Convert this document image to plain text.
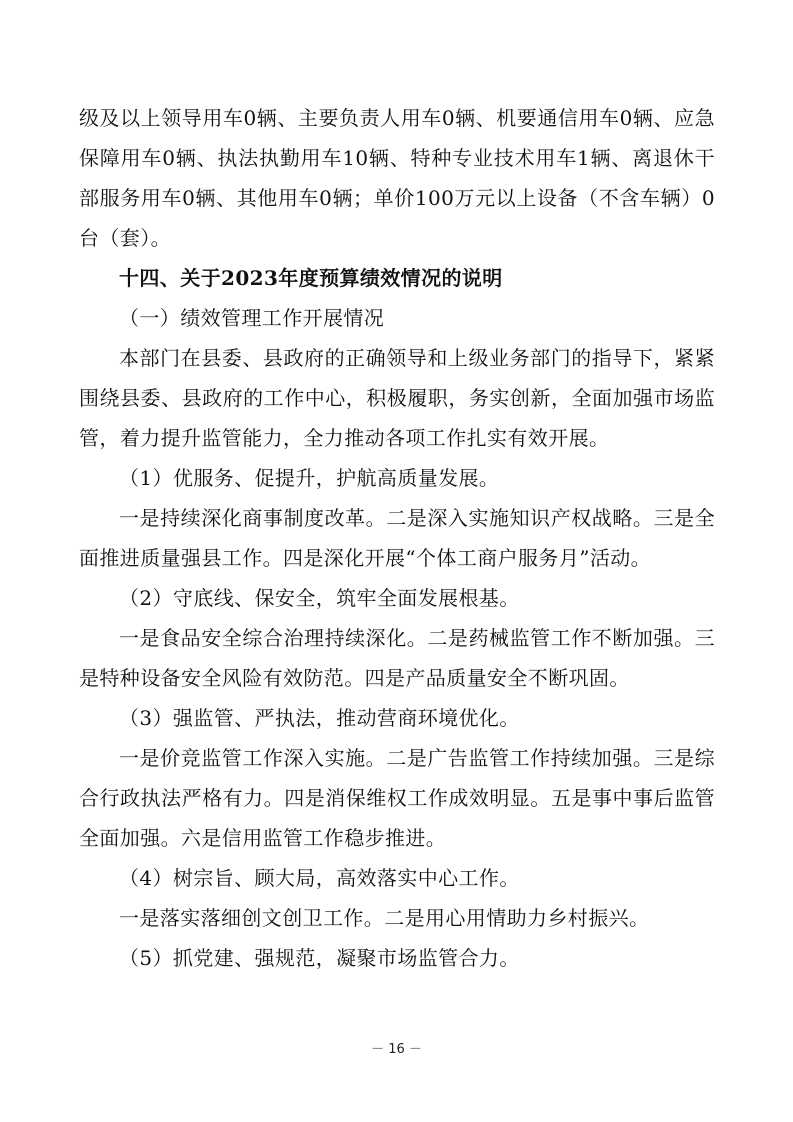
级及以上领导用车0辆、主要负责人用车0辆、机要通信用车0辆、应急保障用车0辆、执法执勤用车10辆、特种专业技术用车1辆、离退休干部服务用车0辆、其他用车0辆；单价100万元以上设备（不含车辆）0台（套）。

十四、关于2023年度预算绩效情况的说明

（一）绩效管理工作开展情况

本部门在县委、县政府的正确领导和上级业务部门的指导下，紧紧围绕县委、县政府的工作中心，积极履职，务实创新，全面加强市场监管，着力提升监管能力，全力推动各项工作扎实有效开展。

（1）优服务、促提升，护航高质量发展。

一是持续深化商事制度改革。二是深入实施知识产权战略。三是全面推进质量强县工作。四是深化开展“个体工商户服务月”活动。

（2）守底线、保安全，筑牢全面发展根基。

一是食品安全综合治理持续深化。二是药械监管工作不断加强。三是特种设备安全风险有效防范。四是产品质量安全不断巩固。

（3）强监管、严执法，推动营商环境优化。

一是价竞监管工作深入实施。二是广告监管工作持续加强。三是综合行政执法严格有力。四是消保维权工作成效明显。五是事中事后监管全面加强。六是信用监管工作稳步推进。

（4）树宗旨、顾大局，高效落实中心工作。

一是落实落细创文创卫工作。二是用心用情助力乡村振兴。

（5）抓党建、强规范，凝聚市场监管合力。

－ 16 －
